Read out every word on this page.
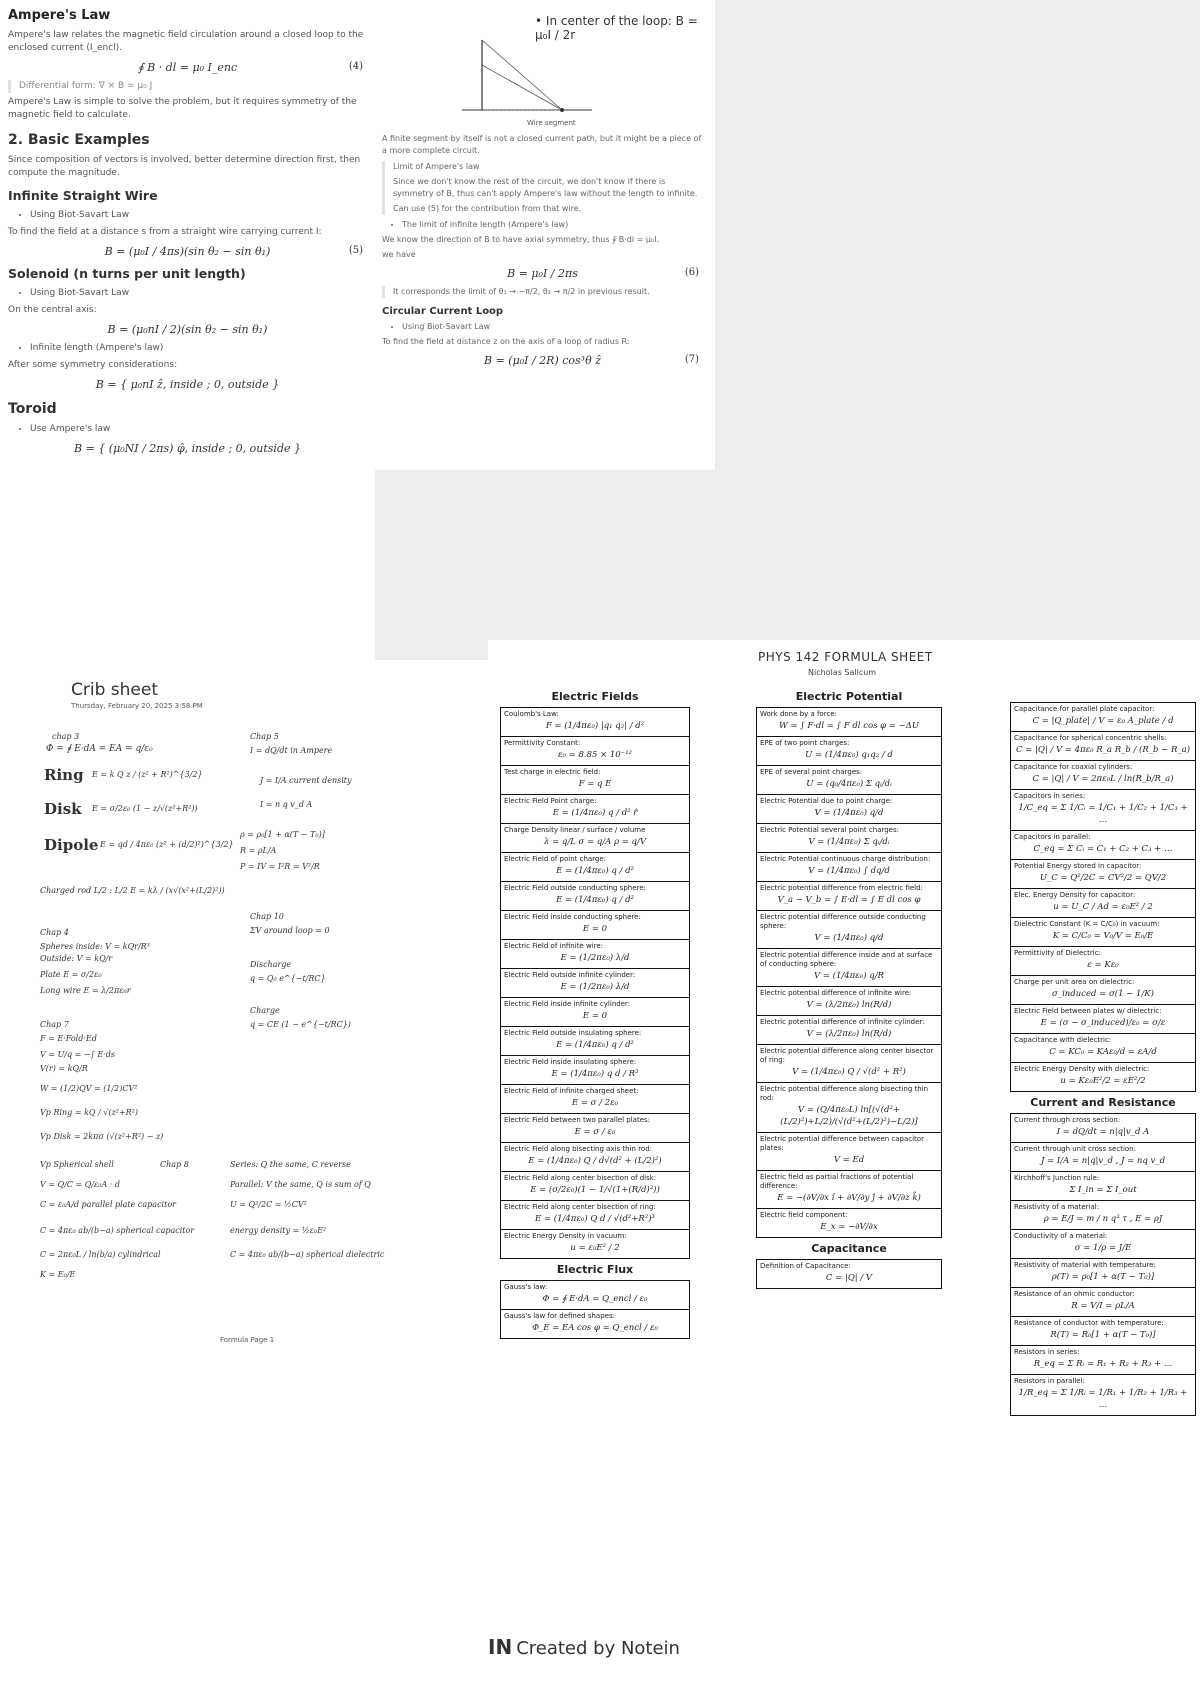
Ampere's Law

Ampere's law relates the magnetic field circulation around a closed loop to the enclosed current (I_encl).

∮ B · dl = μ₀ I_enc	(4)

Differential form: ∇ × B = μ₀ J

Ampere's Law is simple to solve the problem, but it requires symmetry of the magnetic field to calculate.

2. Basic Examples

Since composition of vectors is involved, better determine direction first, then compute the magnitude.

Infinite Straight Wire
• Using Biot-Savart Law

To find the field at a distance s from a straight wire carrying current I:

B = (μ₀I / 4πs)(sin θ₂ − sin θ₁)	(5)
Solenoid (n turns per unit length)
• Using Biot-Savart Law

On the central axis:

B = (μ₀nI / 2)(sin θ₂ − sin θ₁)
• Infinite length (Ampere's law)

After some symmetry considerations:

B = { μ₀nI ẑ, inside ; 0, outside }
Toroid
• Use Ampere's law
B = { (μ₀NI / 2πs) φ̂, inside ; 0, outside }
• In center of the loop: B = μ₀I / 2r
Wire segment

A finite segment by itself is not a closed current path, but it might be a piece of a more complete circuit.

Limit of Ampere's law

Since we don't know the rest of the circuit, we don't know if there is symmetry of B, thus can't apply Ampere's law without the length to infinite.

Can use (5) for the contribution from that wire.

• The limit of infinite length (Ampere's law)

We know the direction of B to have axial symmetry, thus ∮ B·dl = μ₀I.

we have

B = μ₀I / 2πs	(6)

It corresponds the limit of θ₁ → −π/2, θ₂ → π/2 in previous result.

Circular Current Loop
• Using Biot-Savart Law

To find the field at distance z on the axis of a loop of radius R:

B = (μ₀I / 2R) cos³θ ẑ	(7)
Crib sheet
Thursday, February 20, 2025 3:58 PM
chap 3
Φ = ∮ E·dA = EA = q/ε₀
Ring E = k Q z / (z² + R²)^{3/2}
Disk E = σ/2ε₀ (1 − z/√(z²+R²))
Dipole E = qd / 4πε₀ (z² + (d/2)²)^{3/2}
Charged rod L/2 : L/2 E = kλ / (x√(x²+(L/2)²))
Chap 4
Spheres inside: V = kQr/R³
Outside: V = kQ/r
Plate E = σ/2ε₀
Long wire E = λ/2πε₀r
Chap 7
F = E·Fold·Ed
V = U/q = −∫ E·ds
V(r) = kQ/R
W = (1/2)QV = (1/2)CV²
Vp Ring = kQ / √(z²+R²)
Vp Disk = 2kπσ (√(z²+R²) − z)
Vp Spherical shell
Chap 5
I = dQ/dt in Ampere
J = I/A current density
I = n q v_d A
ρ = ρ₀[1 + α(T − T₀)]
R = ρL/A
P = IV = I²R = V²/R
Chap 10
ΣV around loop = 0
Discharge
q = Q₀ e^{−t/RC}
Charge
q = CE (1 − e^{−t/RC})
Chap 8	Series: Q the same, C reverse
V = Q/C = Q/ε₀A · d
C = ε₀A/d parallel plate capacitor
C = 4πε₀ ab/(b−a) spherical capacitor
C = 2πε₀L / ln(b/a) cylindrical
K = E₀/E
Parallel: V the same, Q is sum of Q
U = Q²/2C = ½CV²
energy density = ½ε₀E²
C = 4πε₀ ab/(b−a) spherical dielectric
Formula Page 1
PHYS 142 FORMULA SHEET
Nicholas Sallcum
Electric Fields
Coulomb's Law:
F = (1/4πε₀) |q₁ q₂| / d²
Permittivity Constant:
ε₀ = 8.85 × 10⁻¹²
Test charge in electric field:
F = q E
Electric Field Point charge:
E = (1/4πε₀) q / d² r̂
Charge Density linear / surface / volume
λ = q/L σ = q/A ρ = q/V
Electric Field of point charge:
E = (1/4πε₀) q / d²
Electric Field outside conducting sphere:
E = (1/4πε₀) q / d²
Electric Field inside conducting sphere:
E = 0
Electric Field of infinite wire:
E = (1/2πε₀) λ/d
Electric Field outside infinite cylinder:
E = (1/2πε₀) λ/d
Electric Field inside infinite cylinder:
E = 0
Electric Field outside insulating sphere:
E = (1/4πε₀) q / d²
Electric Field inside insulating sphere:
E = (1/4πε₀) q d / R³
Electric Field of infinite charged sheet:
E = σ / 2ε₀
Electric Field between two parallel plates:
E = σ / ε₀
Electric Field along bisecting axis thin rod:
E = (1/4πε₀) Q / d√(d² + (L/2)²)
Electric Field along center bisection of disk:
E = (σ/2ε₀)(1 − 1/√(1+(R/d)²))
Electric Field along center bisection of ring:
E = (1/4πε₀) Q d / √(d²+R²)³
Electric Energy Density in vacuum:
u = ε₀E² / 2
Electric Flux
Gauss's law:
Φ = ∮ E·dA = Q_encl / ε₀
Gauss's law for defined shapes:
Φ_E = EA cos φ = Q_encl / ε₀
Electric Potential
Work done by a force:
W = ∫ F·dl = ∫ F dl cos φ = −ΔU
EPE of two point charges:
U = (1/4πε₀) q₁q₂ / d
EPE of several point charges:
U = (q₀/4πε₀) Σ qᵢ/dᵢ
Electric Potential due to point charge:
V = (1/4πε₀) q/d
Electric Potential several point charges:
V = (1/4πε₀) Σ qᵢ/dᵢ
Electric Potential continuous charge distribution:
V = (1/4πε₀) ∫ dq/d
Electric potential difference from electric field:
V_a − V_b = ∫ E·dl = ∫ E dl cos φ
Electric potential difference outside conducting sphere:
V = (1/4πε₀) q/d
Electric potential difference inside and at surface of conducting sphere:
V = (1/4πε₀) q/R
Electric potential difference of infinite wire:
V = (λ/2πε₀) ln(R/d)
Electric potential difference of infinite cylinder:
V = (λ/2πε₀) ln(R/d)
Electric potential difference along center bisector of ring:
V = (1/4πε₀) Q / √(d² + R²)
Electric potential difference along bisecting thin rod:
V = (Q/4πε₀L) ln[(√(d²+(L/2)²)+L/2)/(√(d²+(L/2)²)−L/2)]
Electric potential difference between capacitor plates:
V = Ed
Electric field as partial fractions of potential difference:
E = −(∂V/∂x î + ∂V/∂y ĵ + ∂V/∂z k̂)
Electric field component:
E_x = −∂V/∂x
Capacitance
Definition of Capacitance:
C = |Q| / V
Capacitance for parallel plate capacitor:
C = |Q_plate| / V = ε₀ A_plate / d
Capacitance for spherical concentric shells:
C = |Q| / V = 4πε₀ R_a R_b / (R_b − R_a)
Capacitance for coaxial cylinders:
C = |Q| / V = 2πε₀L / ln(R_b/R_a)
Capacitors in series:
1/C_eq = Σ 1/Cᵢ = 1/C₁ + 1/C₂ + 1/C₃ + …
Capacitors in parallel:
C_eq = Σ Cᵢ = C₁ + C₂ + C₃ + …
Potential Energy stored in capacitor:
U_C = Q²/2C = CV²/2 = QV/2
Elec. Energy Density for capacitor:
u = U_C / Ad = ε₀E² / 2
Dielectric Constant (K = C/C₀) in vacuum:
K = C/C₀ = V₀/V = E₀/E
Permittivity of Dielectric:
ε = Kε₀
Charge per unit area on dielectric:
σ_induced = σ(1 − 1/K)
Electric Field between plates w/ dielectric:
E = (σ − σ_induced)/ε₀ = σ/ε
Capacitance with dielectric:
C = KC₀ = KAε₀/d = εA/d
Electric Energy Density with dielectric:
u = Kε₀E²/2 = εE²/2
Current and Resistance
Current through cross section:
I = dQ/dt = n|q|v_d A
Current through unit cross section:
J = I/A = n|q|v_d , J = nq v_d
Kirchhoff's Junction rule:
Σ I_in = Σ I_out
Resistivity of a material:
ρ = E/J = m / n q² τ , E = ρJ
Conductivity of a material:
σ = 1/ρ = J/E
Resistivity of material with temperature:
ρ(T) = ρ₀[1 + α(T − T₀)]
Resistance of an ohmic conductor:
R = V/I = ρL/A
Resistance of conductor with temperature:
R(T) = R₀[1 + α(T − T₀)]
Resistors in series:
R_eq = Σ Rᵢ = R₁ + R₂ + R₃ + …
Resistors in parallel:
1/R_eq = Σ 1/Rᵢ = 1/R₁ + 1/R₂ + 1/R₃ + …
IN Created by Notein
